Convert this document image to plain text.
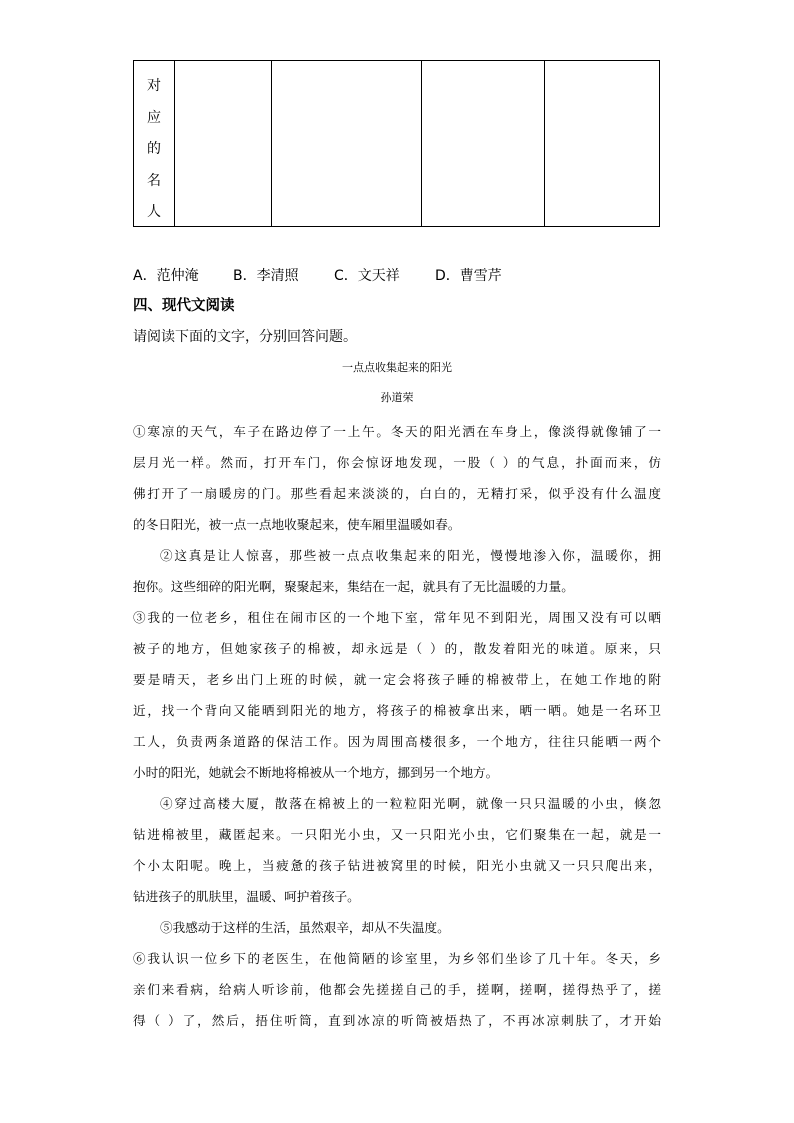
对
应
的
名
人
A．范仲淹 B．李清照	C．文天祥	D．曹雪芹
四、现代文阅读
请阅读下面的文字，分别回答问题。
一点点收集起来的阳光
孙道荣
①寒凉的天气，车子在路边停了一上午。冬天的阳光洒在车身上，像淡得就像铺了一
层月光一样。然而，打开车门，你会惊讶地发现，一股（ ）的气息，扑面而来，仿
佛打开了一扇暖房的门。那些看起来淡淡的，白白的，无精打采，似乎没有什么温度
的冬日阳光，被一点一点地收聚起来，使车厢里温暖如春。
②这真是让人惊喜，那些被一点点收集起来的阳光，慢慢地渗入你，温暖你，拥
抱你。这些细碎的阳光啊，聚聚起来，集结在一起，就具有了无比温暖的力量。
③我的一位老乡，租住在闹市区的一个地下室，常年见不到阳光，周围又没有可以晒
被子的地方，但她家孩子的棉被，却永远是（ ）的，散发着阳光的味道。原来，只
要是晴天，老乡出门上班的时候，就一定会将孩子睡的棉被带上，在她工作地的附
近，找一个背向又能晒到阳光的地方，将孩子的棉被拿出来，晒一晒。她是一名环卫
工人，负责两条道路的保洁工作。因为周围高楼很多，一个地方，往往只能晒一两个
小时的阳光，她就会不断地将棉被从一个地方，挪到另一个地方。
④穿过高楼大厦，散落在棉被上的一粒粒阳光啊，就像一只只温暖的小虫，倏忽
钻进棉被里，藏匿起来。一只阳光小虫，又一只阳光小虫，它们聚集在一起，就是一
个小太阳呢。晚上，当疲惫的孩子钻进被窝里的时候，阳光小虫就又一只只爬出来，
钻进孩子的肌肤里，温暖、呵护着孩子。
⑤我感动于这样的生活，虽然艰辛，却从不失温度。
⑥我认识一位乡下的老医生，在他简陋的诊室里，为乡邻们坐诊了几十年。冬天，乡
亲们来看病，给病人听诊前，他都会先搓搓自己的手，搓啊，搓啊，搓得热乎了，搓
得（ ）了，然后，捂住听筒，直到冰凉的听筒被焐热了，不再冰凉刺肤了，才开始
